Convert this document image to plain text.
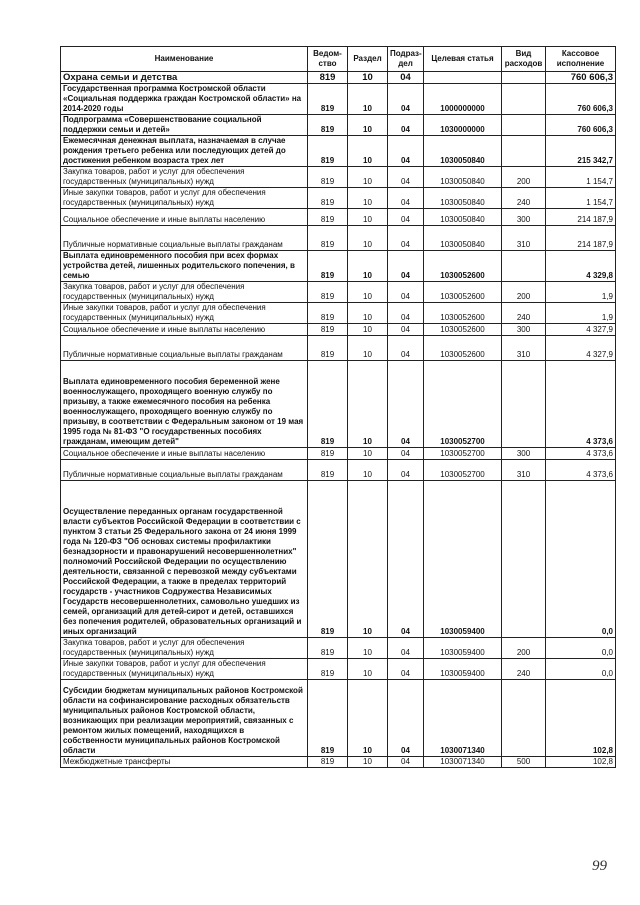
Наименование	Ведом-ство	Раздел	Подраз-дел	Целевая статья	Вид расходов	Кассовое исполнение
Охрана семьи и детства	819	10	04			760 606,3
Государственная программа Костромской области «Социальная поддержка граждан Костромской области» на 2014-2020 годы	819	10	04	1000000000		760 606,3
Подпрограмма «Совершенствование социальной поддержки семьи и детей»	819	10	04	1030000000		760 606,3
Ежемесячная денежная выплата, назначаемая в случае рождения третьего ребенка или последующих детей до достижения ребенком возраста трех лет	819	10	04	1030050840		215 342,7
Закупка товаров, работ и услуг для обеспечения государственных (муниципальных) нужд	819	10	04	1030050840	200	1 154,7
Иные закупки товаров, работ и услуг для обеспечения государственных (муниципальных) нужд	819	10	04	1030050840	240	1 154,7
Социальное обеспечение и иные выплаты населению	819	10	04	1030050840	300	214 187,9
Публичные нормативные социальные выплаты гражданам	819	10	04	1030050840	310	214 187,9
Выплата единовременного пособия при всех формах устройства детей, лишенных родительского попечения, в семью	819	10	04	1030052600		4 329,8
Закупка товаров, работ и услуг для обеспечения государственных (муниципальных) нужд	819	10	04	1030052600	200	1,9
Иные закупки товаров, работ и услуг для обеспечения государственных (муниципальных) нужд	819	10	04	1030052600	240	1,9
Социальное обеспечение и иные выплаты населению	819	10	04	1030052600	300	4 327,9
Публичные нормативные социальные выплаты гражданам	819	10	04	1030052600	310	4 327,9
Выплата единовременного пособия беременной жене военнослужащего, проходящего военную службу по призыву, а также ежемесячного пособия на ребенка военнослужащего, проходящего военную службу по призыву, в соответствии с Федеральным законом от 19 мая 1995 года № 81-ФЗ "О государственных пособиях гражданам, имеющим детей"	819	10	04	1030052700		4 373,6
Социальное обеспечение и иные выплаты населению	819	10	04	1030052700	300	4 373,6
Публичные нормативные социальные выплаты гражданам	819	10	04	1030052700	310	4 373,6
Осуществление переданных органам государственной власти субъектов Российской Федерации в соответствии с пунктом 3 статьи 25 Федерального закона от 24 июня 1999 года № 120-ФЗ "Об основах системы профилактики безнадзорности и правонарушений несовершеннолетних" полномочий Российской Федерации по осуществлению деятельности, связанной с перевозкой между субъектами Российской Федерации, а также в пределах территорий государств - участников Содружества Независимых Государств несовершеннолетних, самовольно ушедших из семей, организаций для детей-сирот и детей, оставшихся без попечения родителей, образовательных организаций и иных организаций	819	10	04	1030059400		0,0
Закупка товаров, работ и услуг для обеспечения государственных (муниципальных) нужд	819	10	04	1030059400	200	0,0
Иные закупки товаров, работ и услуг для обеспечения государственных (муниципальных) нужд	819	10	04	1030059400	240	0,0
Субсидии бюджетам муниципальных районов Костромской области на софинансирование расходных обязательств муниципальных районов Костромской области, возникающих при реализации мероприятий, связанных с ремонтом жилых помещений, находящихся в собственности муниципальных районов Костромской области	819	10	04	1030071340		102,8
Межбюджетные трансферты	819	10	04	1030071340	500	102,8
99
